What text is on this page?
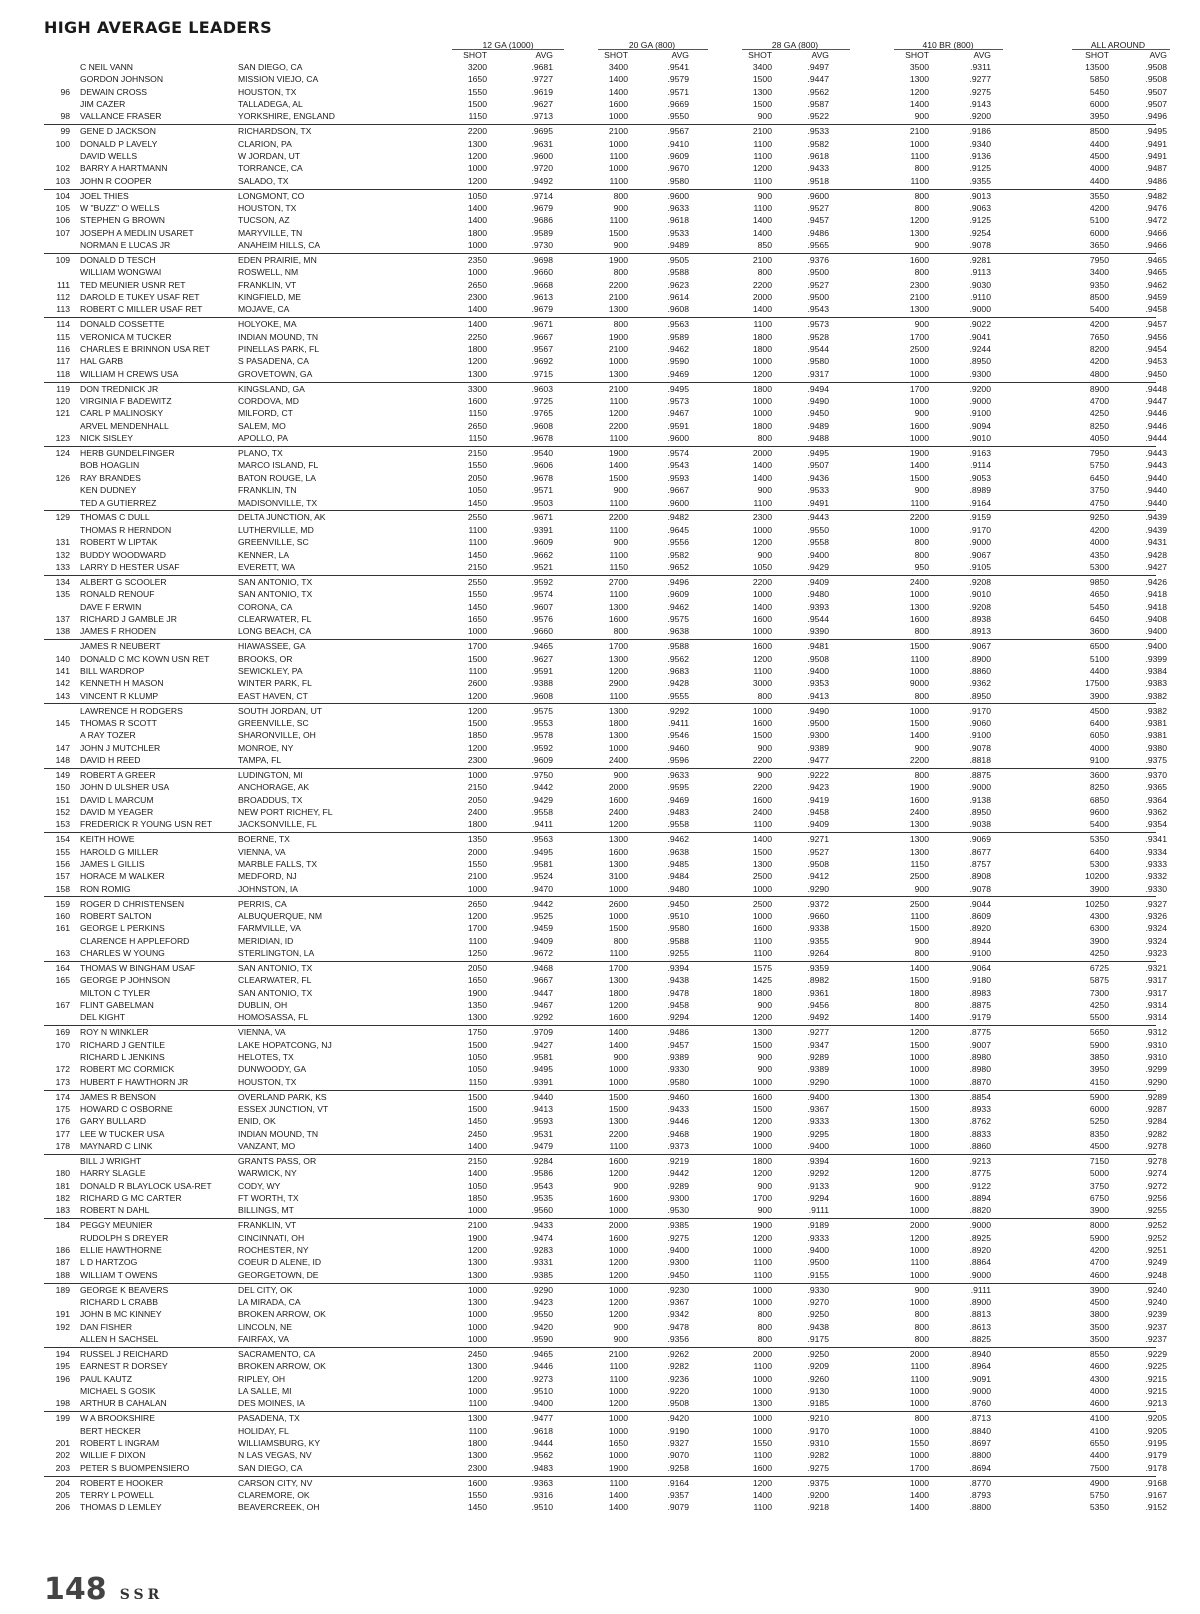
HIGH AVERAGE LEADERS
12 GA (1000)	20 GA (800)	28 GA (800)	410 BR (800)	ALL AROUND
SHOT	AVG	SHOT	AVG	SHOT	AVG	SHOT	AVG	SHOT	AVG
C NEIL VANN	SAN DIEGO, CA	3200	.9681	3400	.9541	3400	.9497	3500	.9311	13500	.9508
GORDON JOHNSON	MISSION VIEJO, CA	1650	.9727	1400	.9579	1500	.9447	1300	.9277	5850	.9508
96 DEWAIN CROSS	HOUSTON, TX	1550	.9619	1400	.9571	1300	.9562	1200	.9275	5450	.9507
JIM CAZER	TALLADEGA, AL	1500	.9627	1600	.9669	1500	.9587	1400	.9143	6000	.9507
98 VALLANCE FRASER	YORKSHIRE, ENGLAND	1150	.9713	1000	.9550	900	.9522	900	.9200	3950	.9496
99 GENE D JACKSON	RICHARDSON, TX	2200	.9695	2100	.9567	2100	.9533	2100	.9186	8500	.9495
100 DONALD P LAVELY	CLARION, PA	1300	.9631	1000	.9410	1100	.9582	1000	.9340	4400	.9491
DAVID WELLS	W JORDAN, UT	1200	.9600	1100	.9609	1100	.9618	1100	.9136	4500	.9491
102 BARRY A HARTMANN	TORRANCE, CA	1000	.9720	1000	.9670	1200	.9433	800	.9125	4000	.9487
103 JOHN R COOPER	SALADO, TX	1200	.9492	1100	.9580	1100	.9518	1100	.9355	4400	.9486
104 JOEL THIES	LONGMONT, CO	1050	.9714	800	.9600	900	.9600	800	.9013	3550	.9482
105 W "BUZZ" O WELLS	HOUSTON, TX	1400	.9679	900	.9633	1100	.9527	800	.9063	4200	.9476
106 STEPHEN G BROWN	TUCSON, AZ	1400	.9686	1100	.9618	1400	.9457	1200	.9125	5100	.9472
107 JOSEPH A MEDLIN USARET	MARYVILLE, TN	1800	.9589	1500	.9533	1400	.9486	1300	.9254	6000	.9466
NORMAN E LUCAS JR	ANAHEIM HILLS, CA	1000	.9730	900	.9489	850	.9565	900	.9078	3650	.9466
109 DONALD D TESCH	EDEN PRAIRIE, MN	2350	.9698	1900	.9505	2100	.9376	1600	.9281	7950	.9465
WILLIAM WONGWAI	ROSWELL, NM	1000	.9660	800	.9588	800	.9500	800	.9113	3400	.9465
111 TED MEUNIER USNR RET	FRANKLIN, VT	2650	.9668	2200	.9623	2200	.9527	2300	.9030	9350	.9462
112 DAROLD E TUKEY USAF RET	KINGFIELD, ME	2300	.9613	2100	.9614	2000	.9500	2100	.9110	8500	.9459
113 ROBERT C MILLER USAF RET	MOJAVE, CA	1400	.9679	1300	.9608	1400	.9543	1300	.9000	5400	.9458
114 DONALD COSSETTE	HOLYOKE, MA	1400	.9671	800	.9563	1100	.9573	900	.9022	4200	.9457
115 VERONICA M TUCKER	INDIAN MOUND, TN	2250	.9667	1900	.9589	1800	.9528	1700	.9041	7650	.9456
116 CHARLES E BRINNON USA RET	PINELLAS PARK, FL	1800	.9567	2100	.9462	1800	.9544	2500	.9244	8200	.9454
117 HAL GARB	S PASADENA, CA	1200	.9692	1000	.9590	1000	.9580	1000	.8950	4200	.9453
118 WILLIAM H CREWS USA	GROVETOWN, GA	1300	.9715	1300	.9469	1200	.9317	1000	.9300	4800	.9450
119 DON TREDNICK JR	KINGSLAND, GA	3300	.9603	2100	.9495	1800	.9494	1700	.9200	8900	.9448
120 VIRGINIA F BADEWITZ	CORDOVA, MD	1600	.9725	1100	.9573	1000	.9490	1000	.9000	4700	.9447
121 CARL P MALINOSKY	MILFORD, CT	1150	.9765	1200	.9467	1000	.9450	900	.9100	4250	.9446
ARVEL MENDENHALL	SALEM, MO	2650	.9608	2200	.9591	1800	.9489	1600	.9094	8250	.9446
123 NICK SISLEY	APOLLO, PA	1150	.9678	1100	.9600	800	.9488	1000	.9010	4050	.9444
124 HERB GUNDELFINGER	PLANO, TX	2150	.9540	1900	.9574	2000	.9495	1900	.9163	7950	.9443
BOB HOAGLIN	MARCO ISLAND, FL	1550	.9606	1400	.9543	1400	.9507	1400	.9114	5750	.9443
126 RAY BRANDES	BATON ROUGE, LA	2050	.9678	1500	.9593	1400	.9436	1500	.9053	6450	.9440
KEN DUDNEY	FRANKLIN, TN	1050	.9571	900	.9667	900	.9533	900	.8989	3750	.9440
TED A GUTIERREZ	MADISONVILLE, TX	1450	.9503	1100	.9600	1100	.9491	1100	.9164	4750	.9440
129 THOMAS C DULL	DELTA JUNCTION, AK	2550	.9671	2200	.9482	2300	.9443	2200	.9159	9250	.9439
THOMAS R HERNDON	LUTHERVILLE, MD	1100	.9391	1100	.9645	1000	.9550	1000	.9170	4200	.9439
131 ROBERT W LIPTAK	GREENVILLE, SC	1100	.9609	900	.9556	1200	.9558	800	.9000	4000	.9431
132 BUDDY WOODWARD	KENNER, LA	1450	.9662	1100	.9582	900	.9400	800	.9067	4350	.9428
133 LARRY D HESTER USAF	EVERETT, WA	2150	.9521	1150	.9652	1050	.9429	950	.9105	5300	.9427
134 ALBERT G SCOOLER	SAN ANTONIO, TX	2550	.9592	2700	.9496	2200	.9409	2400	.9208	9850	.9426
135 RONALD RENOUF	SAN ANTONIO, TX	1550	.9574	1100	.9609	1000	.9480	1000	.9010	4650	.9418
DAVE F ERWIN	CORONA, CA	1450	.9607	1300	.9462	1400	.9393	1300	.9208	5450	.9418
137 RICHARD J GAMBLE JR	CLEARWATER, FL	1650	.9576	1600	.9575	1600	.9544	1600	.8938	6450	.9408
138 JAMES F RHODEN	LONG BEACH, CA	1000	.9660	800	.9638	1000	.9390	800	.8913	3600	.9400
JAMES R NEUBERT	HIAWASSEE, GA	1700	.9465	1700	.9588	1600	.9481	1500	.9067	6500	.9400
140 DONALD C MC KOWN USN RET	BROOKS, OR	1500	.9627	1300	.9562	1200	.9508	1100	.8900	5100	.9399
141 BILL WARDROP	SEWICKLEY, PA	1100	.9591	1200	.9683	1100	.9400	1000	.8860	4400	.9384
142 KENNETH H MASON	WINTER PARK, FL	2600	.9388	2900	.9428	3000	.9353	9000	.9362	17500	.9383
143 VINCENT R KLUMP	EAST HAVEN, CT	1200	.9608	1100	.9555	800	.9413	800	.8950	3900	.9382
LAWRENCE H RODGERS	SOUTH JORDAN, UT	1200	.9575	1300	.9292	1000	.9490	1000	.9170	4500	.9382
145 THOMAS R SCOTT	GREENVILLE, SC	1500	.9553	1800	.9411	1600	.9500	1500	.9060	6400	.9381
A RAY TOZER	SHARONVILLE, OH	1850	.9578	1300	.9546	1500	.9300	1400	.9100	6050	.9381
147 JOHN J MUTCHLER	MONROE, NY	1200	.9592	1000	.9460	900	.9389	900	.9078	4000	.9380
148 DAVID H REED	TAMPA, FL	2300	.9609	2400	.9596	2200	.9477	2200	.8818	9100	.9375
149 ROBERT A GREER	LUDINGTON, MI	1000	.9750	900	.9633	900	.9222	800	.8875	3600	.9370
150 JOHN D ULSHER USA	ANCHORAGE, AK	2150	.9442	2000	.9595	2200	.9423	1900	.9000	8250	.9365
151 DAVID L MARCUM	BROADDUS, TX	2050	.9429	1600	.9469	1600	.9419	1600	.9138	6850	.9364
152 DAVID M YEAGER	NEW PORT RICHEY, FL	2400	.9558	2400	.9483	2400	.9458	2400	.8950	9600	.9362
153 FREDERICK R YOUNG USN RET	JACKSONVILLE, FL	1800	.9411	1200	.9558	1100	.9409	1300	.9038	5400	.9354
154 KEITH HOWE	BOERNE, TX	1350	.9563	1300	.9462	1400	.9271	1300	.9069	5350	.9341
155 HAROLD G MILLER	VIENNA, VA	2000	.9495	1600	.9638	1500	.9527	1300	.8677	6400	.9334
156 JAMES L GILLIS	MARBLE FALLS, TX	1550	.9581	1300	.9485	1300	.9508	1150	.8757	5300	.9333
157 HORACE M WALKER	MEDFORD, NJ	2100	.9524	3100	.9484	2500	.9412	2500	.8908	10200	.9332
158 RON ROMIG	JOHNSTON, IA	1000	.9470	1000	.9480	1000	.9290	900	.9078	3900	.9330
159 ROGER D CHRISTENSEN	PERRIS, CA	2650	.9442	2600	.9450	2500	.9372	2500	.9044	10250	.9327
160 ROBERT SALTON	ALBUQUERQUE, NM	1200	.9525	1000	.9510	1000	.9660	1100	.8609	4300	.9326
161 GEORGE L PERKINS	FARMVILLE, VA	1700	.9459	1500	.9580	1600	.9338	1500	.8920	6300	.9324
CLARENCE H APPLEFORD	MERIDIAN, ID	1100	.9409	800	.9588	1100	.9355	900	.8944	3900	.9324
163 CHARLES W YOUNG	STERLINGTON, LA	1250	.9672	1100	.9255	1100	.9264	800	.9100	4250	.9323
164 THOMAS W BINGHAM USAF	SAN ANTONIO, TX	2050	.9468	1700	.9394	1575	.9359	1400	.9064	6725	.9321
165 GEORGE P JOHNSON	CLEARWATER, FL	1650	.9667	1300	.9438	1425	.8982	1500	.9180	5875	.9317
MILTON C TYLER	SAN ANTONIO, TX	1900	.9447	1800	.9478	1800	.9361	1800	.8983	7300	.9317
167 FLINT GABELMAN	DUBLIN, OH	1350	.9467	1200	.9458	900	.9456	800	.8875	4250	.9314
DEL KIGHT	HOMOSASSA, FL	1300	.9292	1600	.9294	1200	.9492	1400	.9179	5500	.9314
169 ROY N WINKLER	VIENNA, VA	1750	.9709	1400	.9486	1300	.9277	1200	.8775	5650	.9312
170 RICHARD J GENTILE	LAKE HOPATCONG, NJ	1500	.9427	1400	.9457	1500	.9347	1500	.9007	5900	.9310
RICHARD L JENKINS	HELOTES, TX	1050	.9581	900	.9389	900	.9289	1000	.8980	3850	.9310
172 ROBERT MC CORMICK	DUNWOODY, GA	1050	.9495	1000	.9330	900	.9389	1000	.8980	3950	.9299
173 HUBERT F HAWTHORN JR	HOUSTON, TX	1150	.9391	1000	.9580	1000	.9290	1000	.8870	4150	.9290
174 JAMES R BENSON	OVERLAND PARK, KS	1500	.9440	1500	.9460	1600	.9400	1300	.8854	5900	.9289
175 HOWARD C OSBORNE	ESSEX JUNCTION, VT	1500	.9413	1500	.9433	1500	.9367	1500	.8933	6000	.9287
176 GARY BULLARD	ENID, OK	1450	.9593	1300	.9446	1200	.9333	1300	.8762	5250	.9284
177 LEE W TUCKER USA	INDIAN MOUND, TN	2450	.9531	2200	.9468	1900	.9295	1800	.8833	8350	.9282
178 MAYNARD C LINK	VANZANT, MO	1400	.9479	1100	.9373	1000	.9400	1000	.8860	4500	.9278
BILL J WRIGHT	GRANTS PASS, OR	2150	.9284	1600	.9219	1800	.9394	1600	.9213	7150	.9278
180 HARRY SLAGLE	WARWICK, NY	1400	.9586	1200	.9442	1200	.9292	1200	.8775	5000	.9274
181 DONALD R BLAYLOCK USA-RET	CODY, WY	1050	.9543	900	.9289	900	.9133	900	.9122	3750	.9272
182 RICHARD G MC CARTER	FT WORTH, TX	1850	.9535	1600	.9300	1700	.9294	1600	.8894	6750	.9256
183 ROBERT N DAHL	BILLINGS, MT	1000	.9560	1000	.9530	900	.9111	1000	.8820	3900	.9255
184 PEGGY MEUNIER	FRANKLIN, VT	2100	.9433	2000	.9385	1900	.9189	2000	.9000	8000	.9252
RUDOLPH S DREYER	CINCINNATI, OH	1900	.9474	1600	.9275	1200	.9333	1200	.8925	5900	.9252
186 ELLIE HAWTHORNE	ROCHESTER, NY	1200	.9283	1000	.9400	1000	.9400	1000	.8920	4200	.9251
187 L D HARTZOG	COEUR D ALENE, ID	1300	.9331	1200	.9300	1100	.9500	1100	.8864	4700	.9249
188 WILLIAM T OWENS	GEORGETOWN, DE	1300	.9385	1200	.9450	1100	.9155	1000	.9000	4600	.9248
189 GEORGE K BEAVERS	DEL CITY, OK	1000	.9290	1000	.9230	1000	.9330	900	.9111	3900	.9240
RICHARD L CRABB	LA MIRADA, CA	1300	.9423	1200	.9367	1000	.9270	1000	.8900	4500	.9240
191 JOHN B MC KINNEY	BROKEN ARROW, OK	1000	.9550	1200	.9342	800	.9250	800	.8813	3800	.9239
192 DAN FISHER	LINCOLN, NE	1000	.9420	900	.9478	800	.9438	800	.8613	3500	.9237
ALLEN H SACHSEL	FAIRFAX, VA	1000	.9590	900	.9356	800	.9175	800	.8825	3500	.9237
194 RUSSEL J REICHARD	SACRAMENTO, CA	2450	.9465	2100	.9262	2000	.9250	2000	.8940	8550	.9229
195 EARNEST R DORSEY	BROKEN ARROW, OK	1300	.9446	1100	.9282	1100	.9209	1100	.8964	4600	.9225
196 PAUL KAUTZ	RIPLEY, OH	1200	.9273	1100	.9236	1000	.9260	1100	.9091	4300	.9215
MICHAEL S GOSIK	LA SALLE, MI	1000	.9510	1000	.9220	1000	.9130	1000	.9000	4000	.9215
198 ARTHUR B CAHALAN	DES MOINES, IA	1100	.9400	1200	.9508	1300	.9185	1000	.8760	4600	.9213
199 W A BROOKSHIRE	PASADENA, TX	1300	.9477	1000	.9420	1000	.9210	800	.8713	4100	.9205
BERT HECKER	HOLIDAY, FL	1100	.9618	1000	.9190	1000	.9170	1000	.8840	4100	.9205
201 ROBERT L INGRAM	WILLIAMSBURG, KY	1800	.9444	1650	.9327	1550	.9310	1550	.8697	6550	.9195
202 WILLIE F DIXON	N LAS VEGAS, NV	1300	.9562	1000	.9070	1100	.9282	1000	.8800	4400	.9179
203 PETER S BUOMPENSIERO	SAN DIEGO, CA	2300	.9483	1900	.9258	1600	.9275	1700	.8694	7500	.9178
204 ROBERT E HOOKER	CARSON CITY, NV	1600	.9363	1100	.9164	1200	.9375	1000	.8770	4900	.9168
205 TERRY L POWELL	CLAREMORE, OK	1550	.9316	1400	.9357	1400	.9200	1400	.8793	5750	.9167
206 THOMAS D LEMLEY	BEAVERCREEK, OH	1450	.9510	1400	.9079	1100	.9218	1400	.8800	5350	.9152
148 SSR
